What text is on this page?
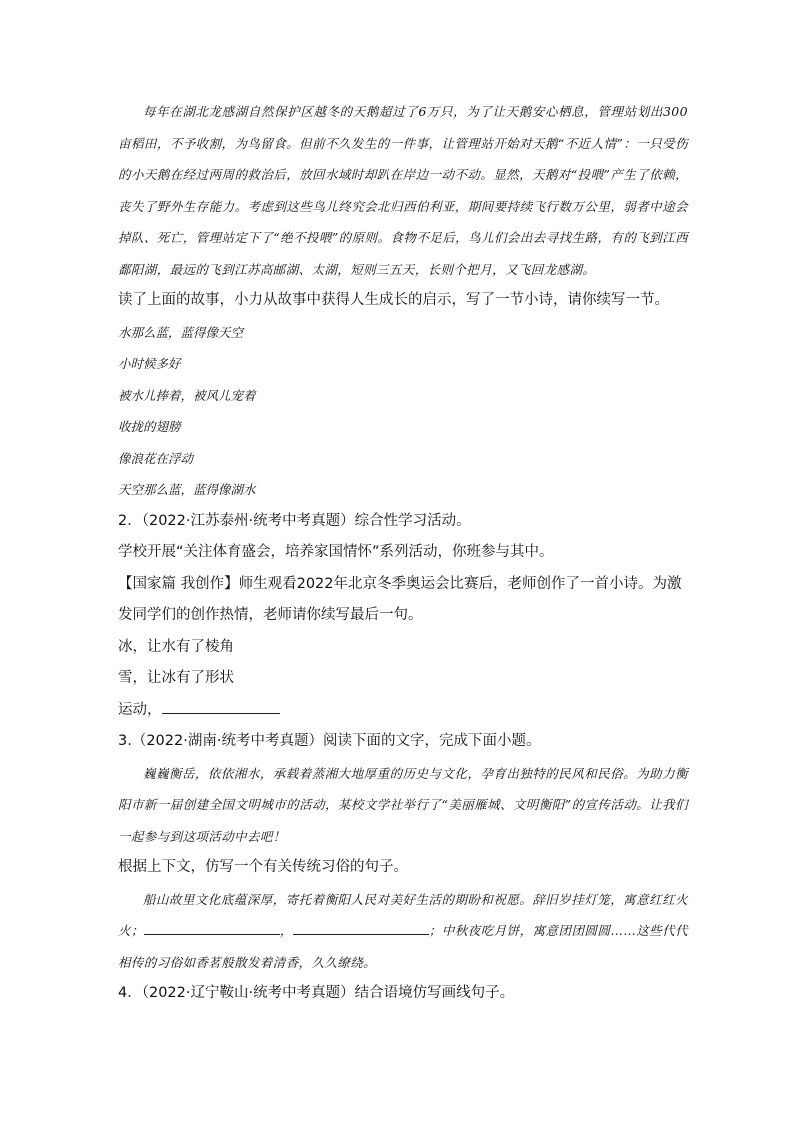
每年在湖北龙感湖自然保护区越冬的天鹅超过了6万只，为了让天鹅安心栖息，管理站划出300亩稻田，不予收割，为鸟留食。但前不久发生的一件事，让管理站开始对天鹅“不近人情”：一只受伤的小天鹅在经过两周的救治后，放回水域时却趴在岸边一动不动。显然，天鹅对“投喂”产生了依赖，丧失了野外生存能力。考虑到这些鸟儿终究会北归西伯利亚，期间要持续飞行数万公里，弱者中途会掉队、死亡，管理站定下了“绝不投喂”的原则。食物不足后，鸟儿们会出去寻找生路，有的飞到江西鄱阳湖，最远的飞到江苏高邮湖、太湖，短则三五天，长则个把月，又飞回龙感湖。

读了上面的故事，小力从故事中获得人生成长的启示，写了一节小诗，请你续写一节。

水那么蓝，蓝得像天空

小时候多好

被水儿捧着，被风儿宠着

收拢的翅膀

像浪花在浮动

天空那么蓝，蓝得像湖水

2．（2022·江苏泰州·统考中考真题）综合性学习活动。

学校开展“关注体育盛会，培养家国情怀”系列活动，你班参与其中。

【国家篇 我创作】师生观看2022年北京冬季奥运会比赛后，老师创作了一首小诗。为激发同学们的创作热情，老师请你续写最后一句。

冰，让水有了棱角

雪，让冰有了形状

运动，

3.（2022·湖南·统考中考真题）阅读下面的文字，完成下面小题。

巍巍衡岳，依依湘水，承载着蒸湘大地厚重的历史与文化，孕育出独特的民风和民俗。为助力衡阳市新一届创建全国文明城市的活动，某校文学社举行了“美丽雁城、文明衡阳”的宣传活动。让我们一起参与到这项活动中去吧！

根据上下文，仿写一个有关传统习俗的句子。

船山故里文化底蕴深厚，寄托着衡阳人民对美好生活的期盼和祝愿。辞旧岁挂灯笼，寓意红红火火；	，	；中秋夜吃月饼，寓意团团圆圆……这些代代相传的习俗如香茗般散发着清香，久久缭绕。

4．（2022·辽宁鞍山·统考中考真题）结合语境仿写画线句子。
